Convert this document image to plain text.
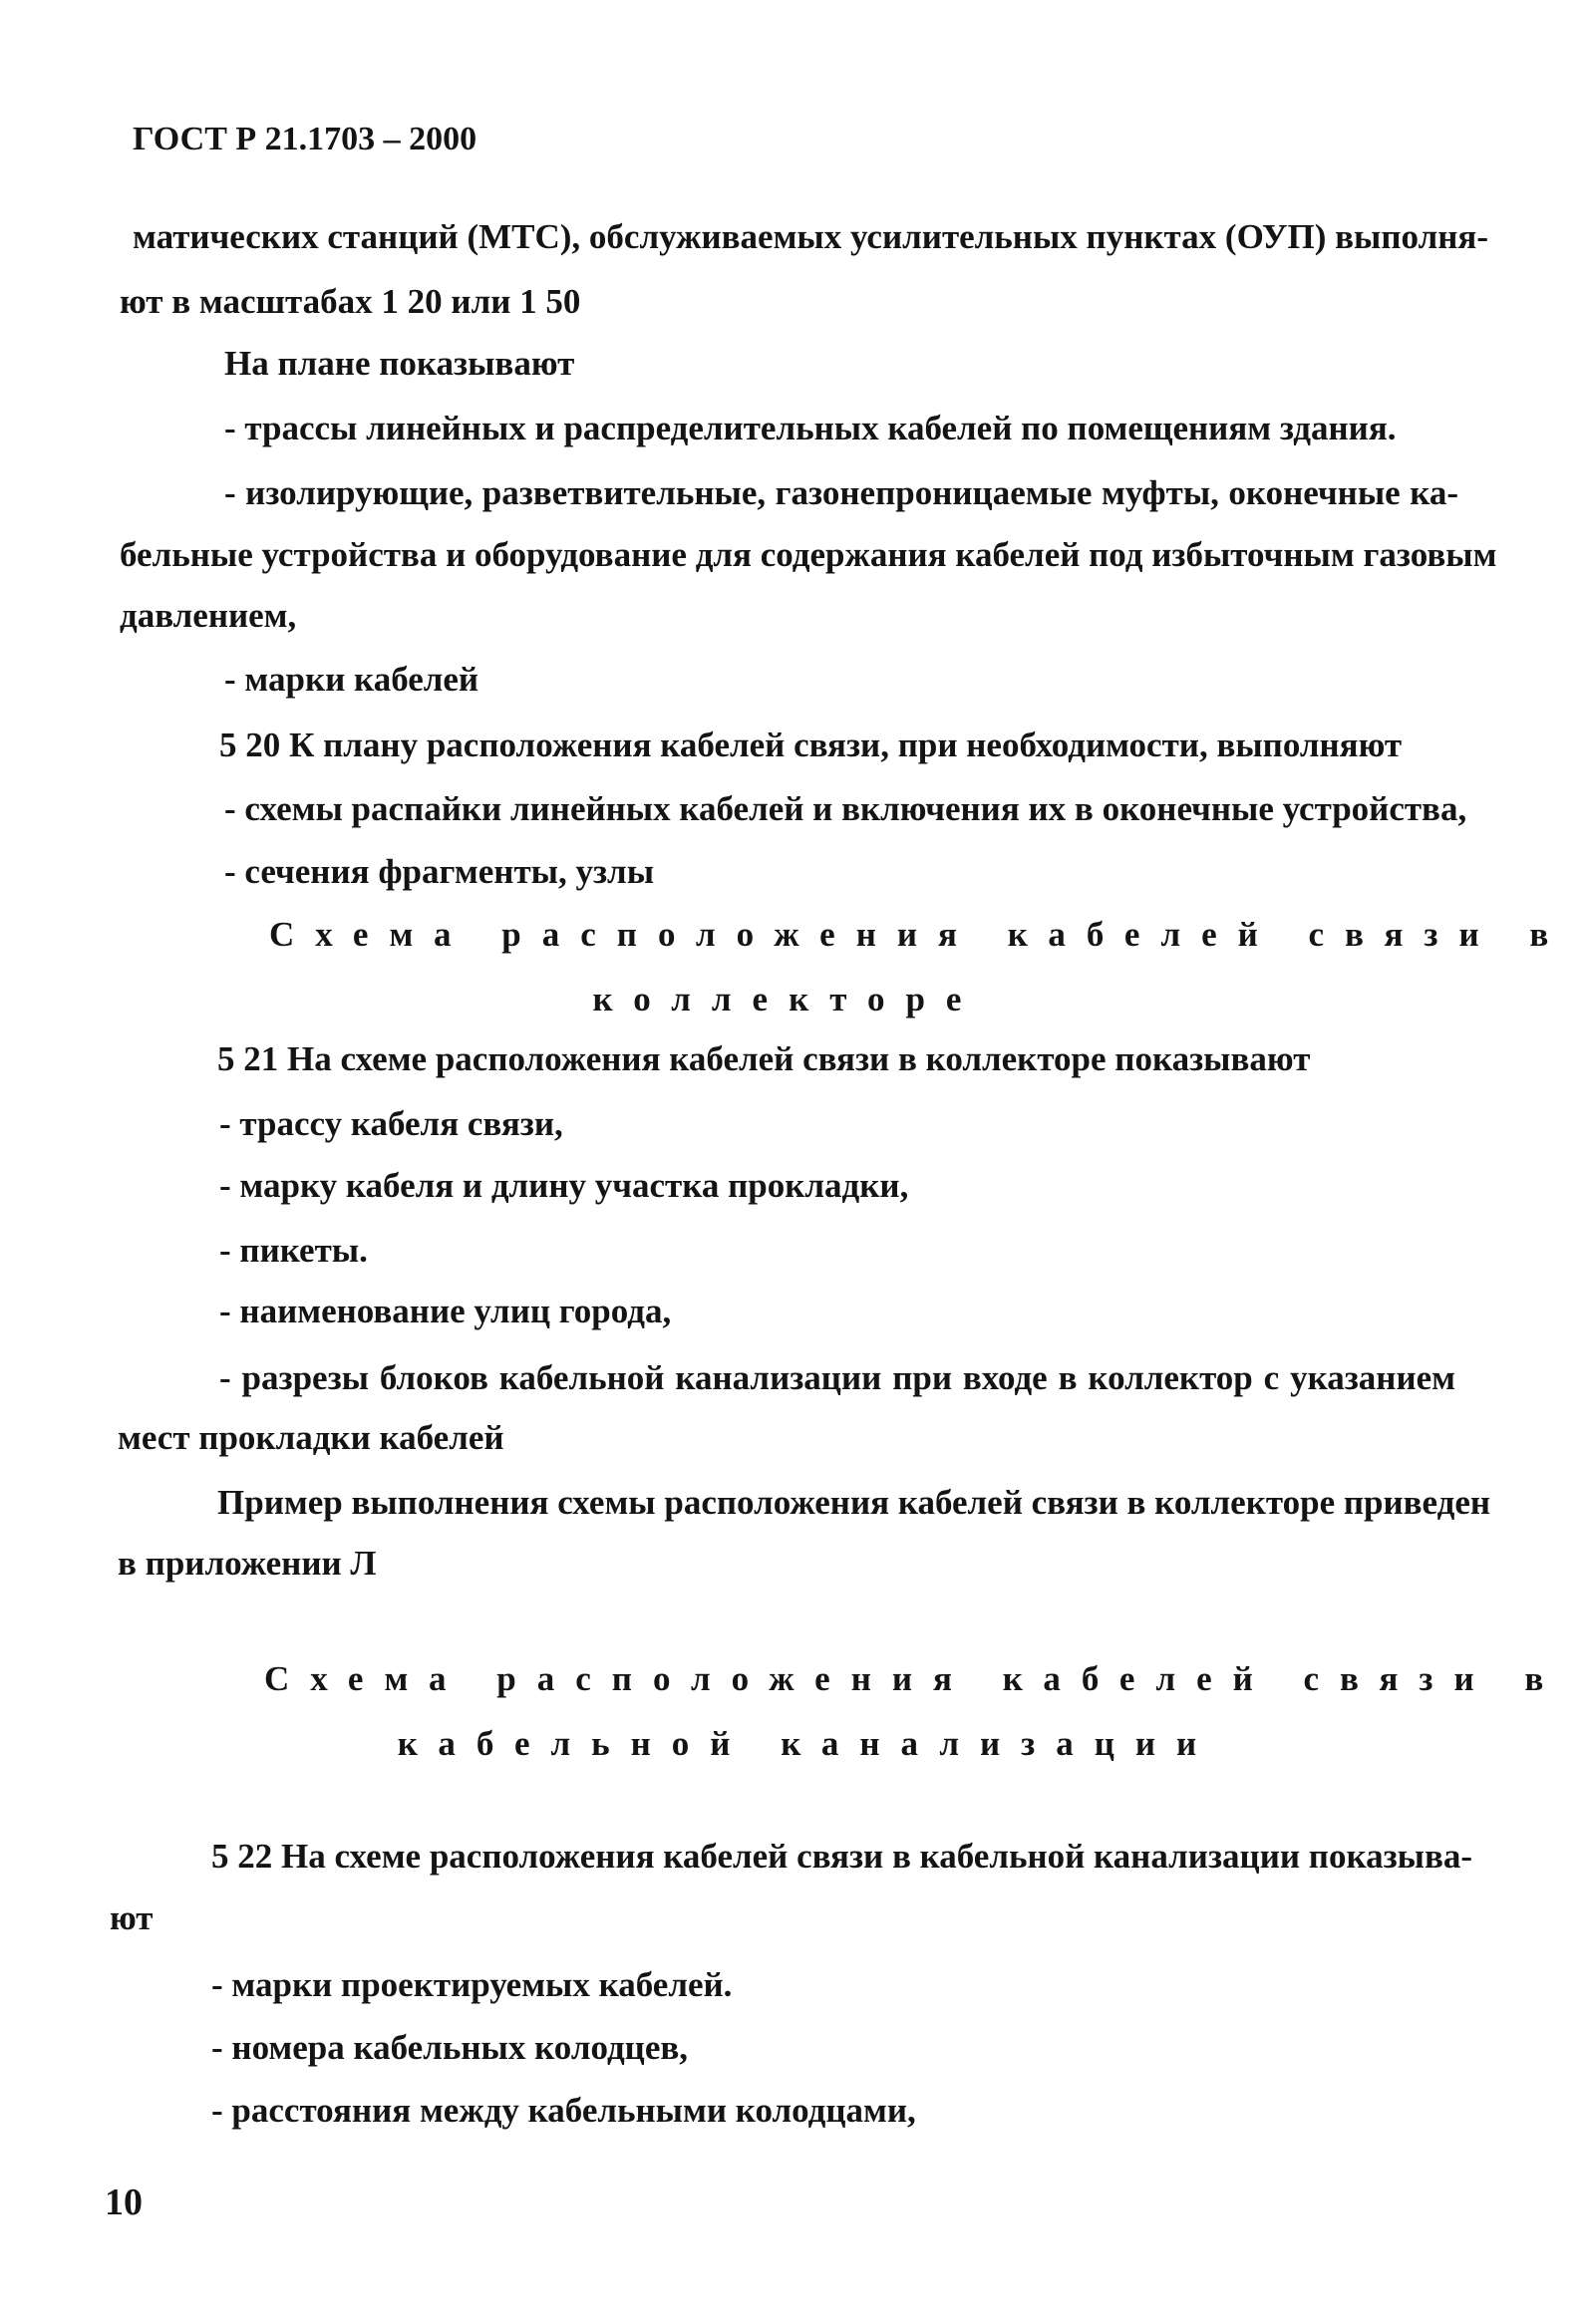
ГОСТ Р 21.1703 – 2000
матических станций (МТС), обслуживаемых усилительных пунктах (ОУП) выполня-
ют в масштабах 1 20 или 1 50
На плане показывают
- трассы линейных и распределительных кабелей по помещениям здания.
- изолирующие, разветвительные, газонепроницаемые муфты, оконечные ка-
бельные устройства и оборудование для содержания кабелей под избыточным газовым
давлением,
- марки кабелей
5 20 К плану расположения кабелей связи, при необходимости, выполняют
- схемы распайки линейных кабелей и включения их в оконечные устройства,
- сечения фрагменты, узлы
Схема расположения кабелей связи в
коллекторе
5 21 На схеме расположения кабелей связи в коллекторе показывают
- трассу кабеля связи,
- марку кабеля и длину участка прокладки,
- пикеты.
- наименование улиц города,
- разрезы блоков кабельной канализации при входе в коллектор с указанием
мест прокладки кабелей
Пример выполнения схемы расположения кабелей связи в коллекторе приведен
в приложении Л
Схема расположения кабелей связи в
кабельной канализации
5 22 На схеме расположения кабелей связи в кабельной канализации показыва-
ют
- марки проектируемых кабелей.
- номера кабельных колодцев,
- расстояния между кабельными колодцами,
10
